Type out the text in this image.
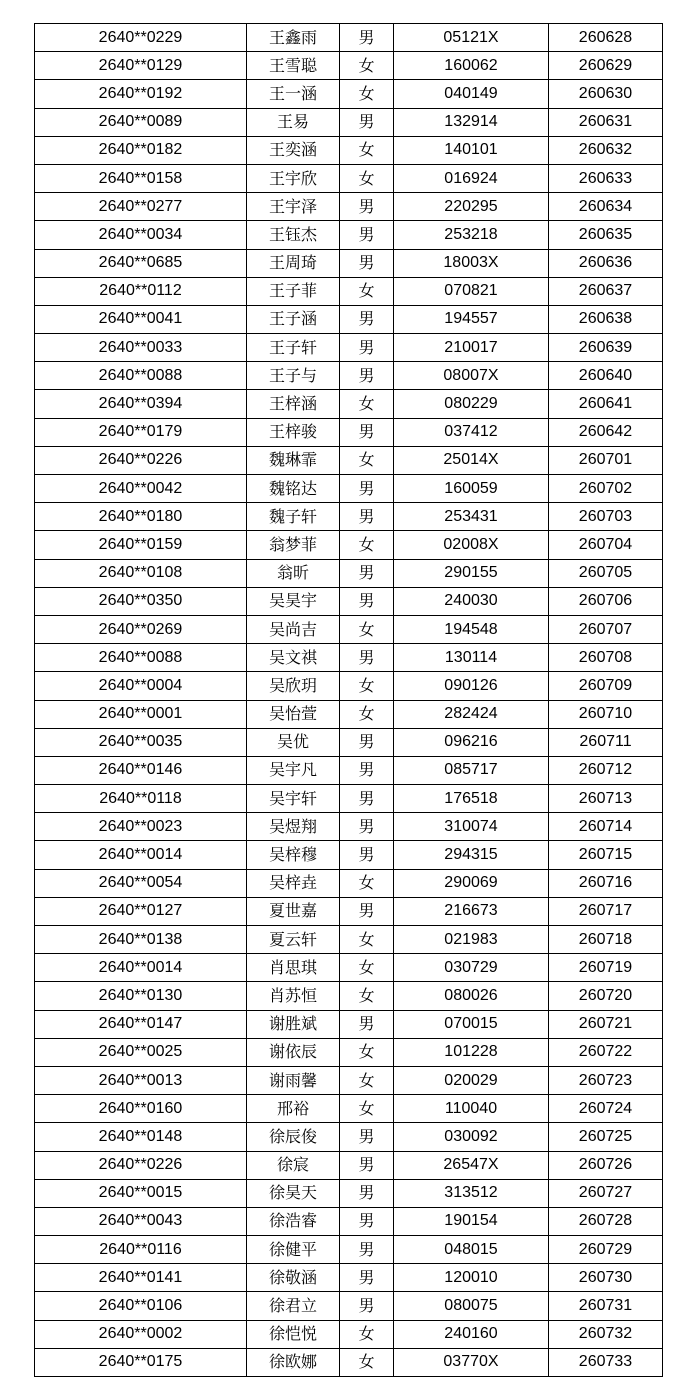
2640**0229	王鑫雨	男	05121X	260628
2640**0129	王雪聪	女	160062	260629
2640**0192	王一涵	女	040149	260630
2640**0089	王易	男	132914	260631
2640**0182	王奕涵	女	140101	260632
2640**0158	王宇欣	女	016924	260633
2640**0277	王宇泽	男	220295	260634
2640**0034	王钰杰	男	253218	260635
2640**0685	王周琦	男	18003X	260636
2640**0112	王子菲	女	070821	260637
2640**0041	王子涵	男	194557	260638
2640**0033	王子轩	男	210017	260639
2640**0088	王子与	男	08007X	260640
2640**0394	王梓涵	女	080229	260641
2640**0179	王梓骏	男	037412	260642
2640**0226	魏琳霏	女	25014X	260701
2640**0042	魏铭达	男	160059	260702
2640**0180	魏子轩	男	253431	260703
2640**0159	翁梦菲	女	02008X	260704
2640**0108	翁昕	男	290155	260705
2640**0350	吴昊宇	男	240030	260706
2640**0269	吴尚吉	女	194548	260707
2640**0088	吴文祺	男	130114	260708
2640**0004	吴欣玥	女	090126	260709
2640**0001	吴怡萱	女	282424	260710
2640**0035	吴优	男	096216	260711
2640**0146	吴宇凡	男	085717	260712
2640**0118	吴宇轩	男	176518	260713
2640**0023	吴煜翔	男	310074	260714
2640**0014	吴梓穆	男	294315	260715
2640**0054	吴梓垚	女	290069	260716
2640**0127	夏世嘉	男	216673	260717
2640**0138	夏云轩	女	021983	260718
2640**0014	肖思琪	女	030729	260719
2640**0130	肖苏恒	女	080026	260720
2640**0147	谢胜斌	男	070015	260721
2640**0025	谢依辰	女	101228	260722
2640**0013	谢雨馨	女	020029	260723
2640**0160	邢裕	女	110040	260724
2640**0148	徐辰俊	男	030092	260725
2640**0226	徐宸	男	26547X	260726
2640**0015	徐昊天	男	313512	260727
2640**0043	徐浩睿	男	190154	260728
2640**0116	徐健平	男	048015	260729
2640**0141	徐敬涵	男	120010	260730
2640**0106	徐君立	男	080075	260731
2640**0002	徐恺悦	女	240160	260732
2640**0175	徐欧娜	女	03770X	260733
